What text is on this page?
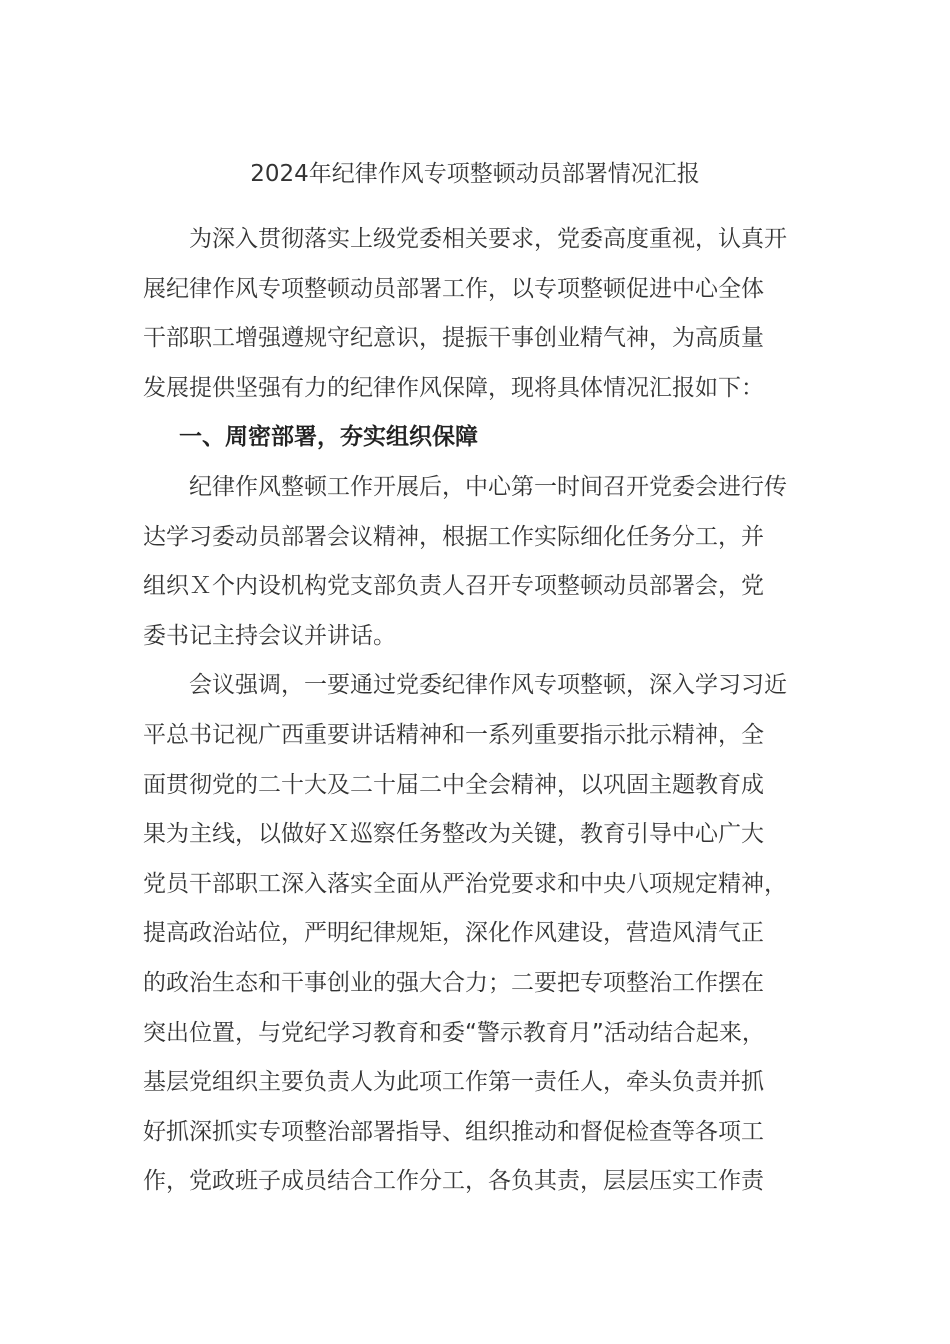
2024年纪律作风专项整顿动员部署情况汇报

为深入贯彻落实上级党委相关要求，党委高度重视，认真开
展纪律作风专项整顿动员部署工作，以专项整顿促进中心全体
干部职工增强遵规守纪意识，提振干事创业精气神，为高质量
发展提供坚强有力的纪律作风保障，现将具体情况汇报如下：

一、周密部署，夯实组织保障

纪律作风整顿工作开展后，中心第一时间召开党委会进行传
达学习委动员部署会议精神，根据工作实际细化任务分工，并
组织Ｘ个内设机构党支部负责人召开专项整顿动员部署会，党
委书记主持会议并讲话。

会议强调，一要通过党委纪律作风专项整顿，深入学习习近
平总书记视广西重要讲话精神和一系列重要指示批示精神，全
面贯彻党的二十大及二十届二中全会精神，以巩固主题教育成
果为主线，以做好Ｘ巡察任务整改为关键，教育引导中心广大
党员干部职工深入落实全面从严治党要求和中央八项规定精神，
提高政治站位，严明纪律规矩，深化作风建设，营造风清气正
的政治生态和干事创业的强大合力；二要把专项整治工作摆在
突出位置，与党纪学习教育和委“警示教育月”活动结合起来，
基层党组织主要负责人为此项工作第一责任人，牵头负责并抓
好抓深抓实专项整治部署指导、组织推动和督促检查等各项工
作，党政班子成员结合工作分工，各负其责，层层压实工作责
